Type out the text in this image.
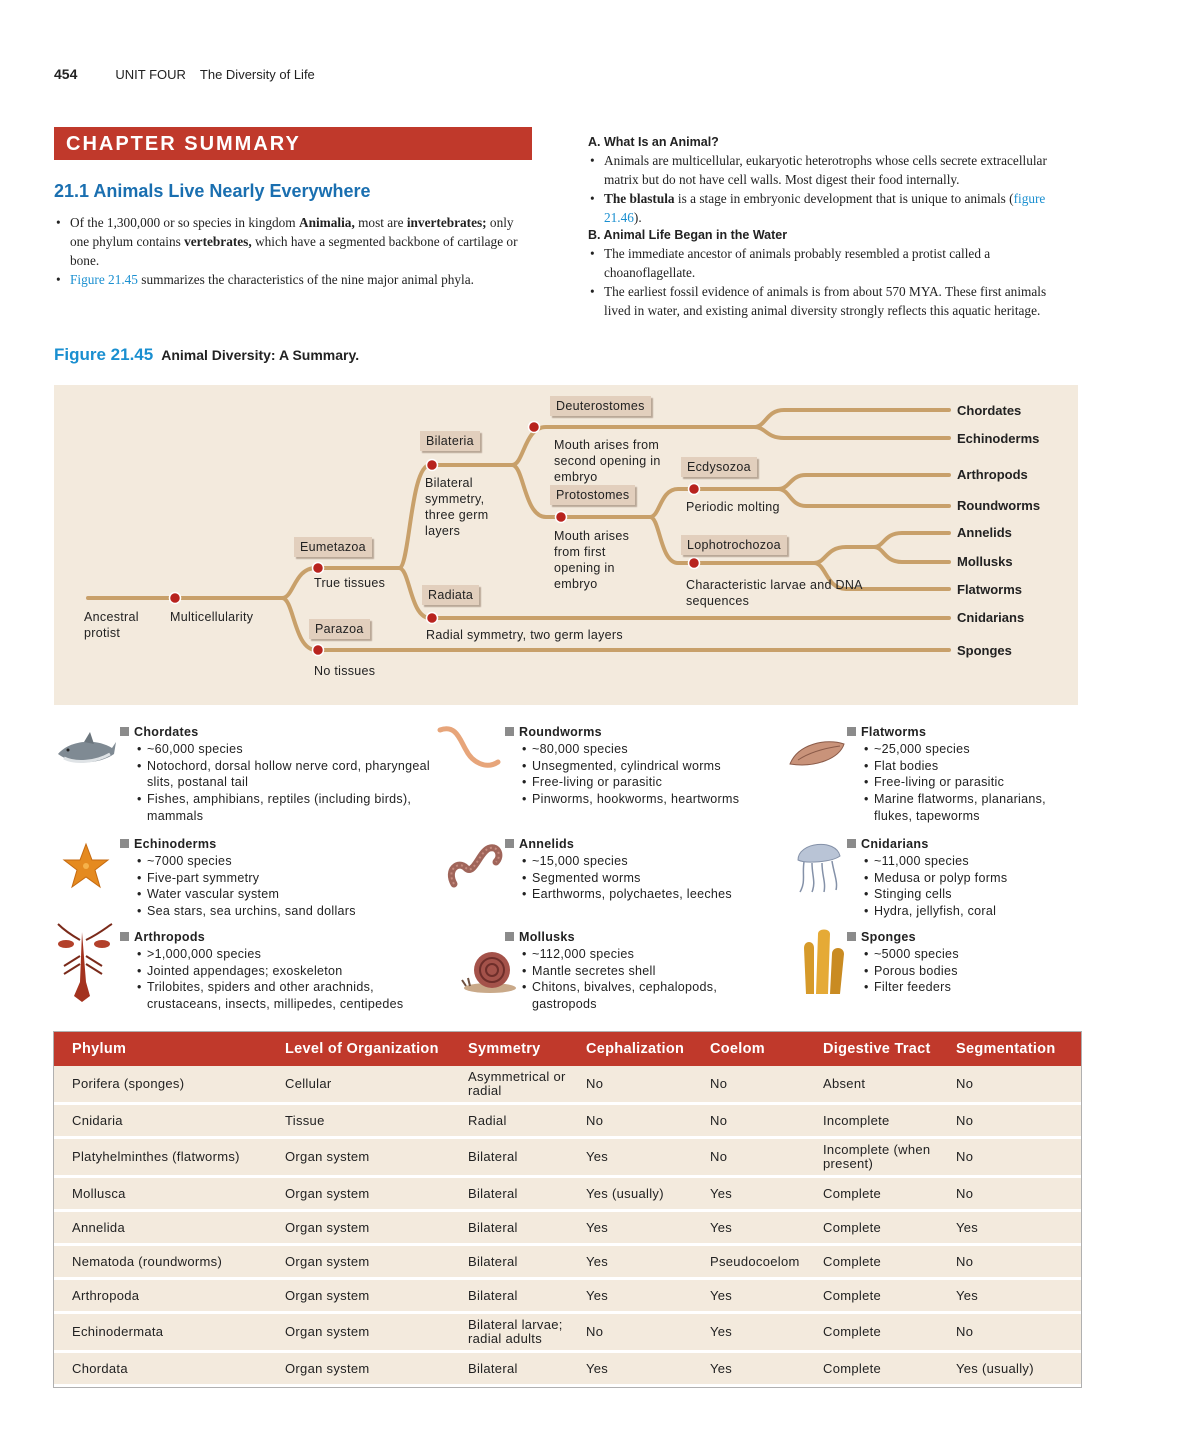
454	UNIT FOUR The Diversity of Life
CHAPTER SUMMARY
21.1 Animals Live Nearly Everywhere
• Of the 1,300,000 or so species in kingdom Animalia, most are invertebrates; only one phylum contains vertebrates, which have a segmented backbone of cartilage or bone.
• Figure 21.45 summarizes the characteristics of the nine major animal phyla.
A. What Is an Animal?
• Animals are multicellular, eukaryotic heterotrophs whose cells secrete extracellular matrix but do not have cell walls. Most digest their food internally.
• The blastula is a stage in embryonic development that is unique to animals (figure 21.46).
B. Animal Life Began in the Water
• The immediate ancestor of animals probably resembled a protist called a choanoflagellate.
• The earliest fossil evidence of animals is from about 570 MYA. These first animals lived in water, and existing animal diversity strongly reflects this aquatic heritage.
Figure 21.45 Animal Diversity: A Summary.
Ancestral protist
Multicellularity
Eumetazoa
True tissues
Parazoa
No tissues
Bilateria
Bilateral symmetry, three germ layers
Radiata
Radial symmetry, two germ layers
Deuterostomes
Mouth arises from second opening in embryo
Protostomes
Mouth arises from first opening in embryo
Ecdysozoa
Periodic molting
Lophotrochozoa
Characteristic larvae and DNA sequences
Chordates
Echinoderms
Arthropods
Roundworms
Annelids
Mollusks
Flatworms
Cnidarians
Sponges
Chordates
• ~60,000 species
• Notochord, dorsal hollow nerve cord, pharyngeal slits, postanal tail
• Fishes, amphibians, reptiles (including birds), mammals
Echinoderms
• ~7000 species
• Five-part symmetry
• Water vascular system
• Sea stars, sea urchins, sand dollars
Arthropods
• >1,000,000 species
• Jointed appendages; exoskeleton
• Trilobites, spiders and other arachnids, crustaceans, insects, millipedes, centipedes
Roundworms
• ~80,000 species
• Unsegmented, cylindrical worms
• Free-living or parasitic
• Pinworms, hookworms, heartworms
Annelids
• ~15,000 species
• Segmented worms
• Earthworms, polychaetes, leeches
Mollusks
• ~112,000 species
• Mantle secretes shell
• Chitons, bivalves, cephalopods, gastropods
Flatworms
• ~25,000 species
• Flat bodies
• Free-living or parasitic
• Marine flatworms, planarians, flukes, tapeworms
Cnidarians
• ~11,000 species
• Medusa or polyp forms
• Stinging cells
• Hydra, jellyfish, coral
Sponges
• ~5000 species
• Porous bodies
• Filter feeders
Phylum	Level of Organization	Symmetry	Cephalization	Coelom	Digestive Tract	Segmentation
Porifera (sponges)	Cellular	Asymmetrical or radial	No	No	Absent	No
Cnidaria	Tissue	Radial	No	No	Incomplete	No
Platyhelminthes (flatworms)	Organ system	Bilateral	Yes	No	Incomplete (when present)	No
Mollusca	Organ system	Bilateral	Yes (usually)	Yes	Complete	No
Annelida	Organ system	Bilateral	Yes	Yes	Complete	Yes
Nematoda (roundworms)	Organ system	Bilateral	Yes	Pseudocoelom	Complete	No
Arthropoda	Organ system	Bilateral	Yes	Yes	Complete	Yes
Echinodermata	Organ system	Bilateral larvae; radial adults	No	Yes	Complete	No
Chordata	Organ system	Bilateral	Yes	Yes	Complete	Yes (usually)
